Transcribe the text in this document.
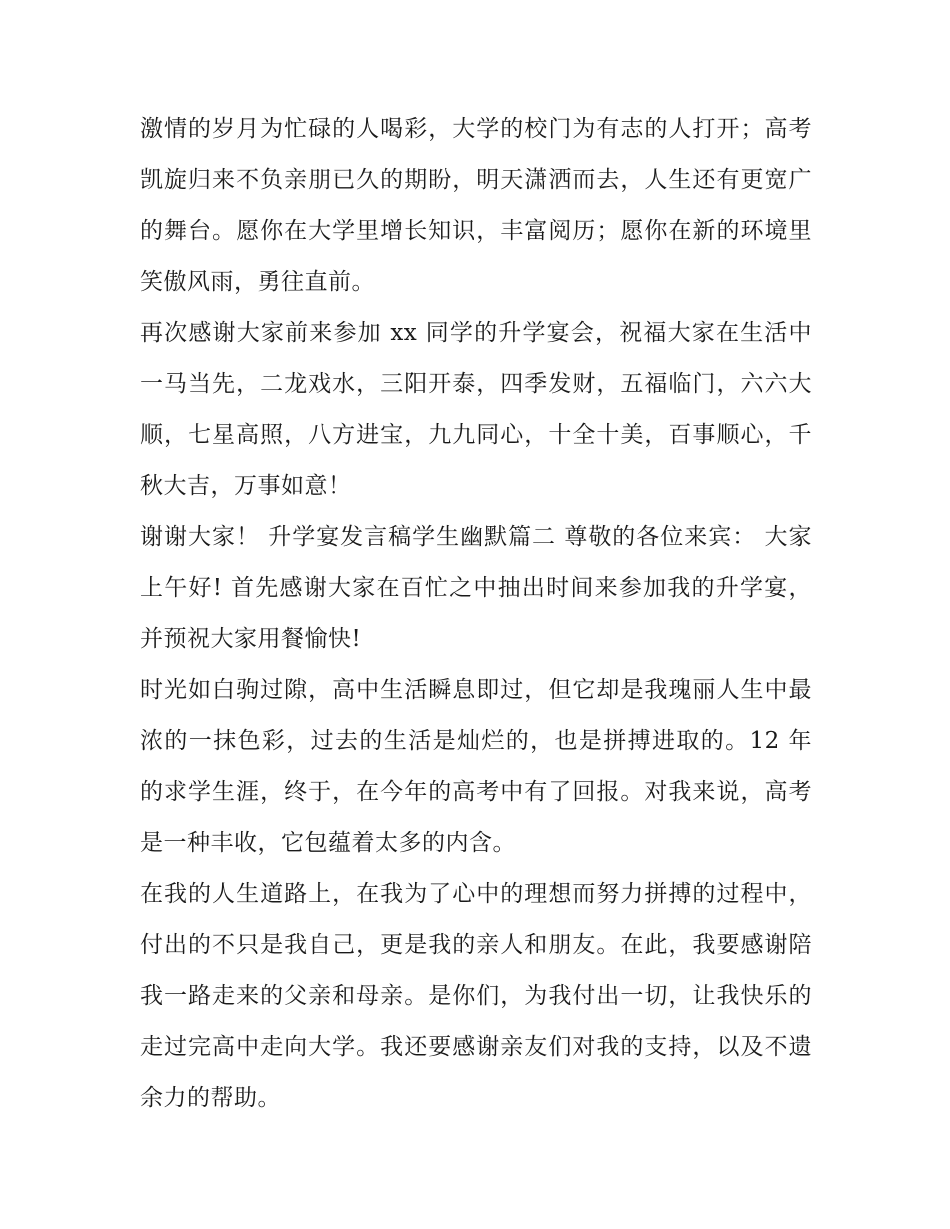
激情的岁月为忙碌的人喝彩，大学的校门为有志的人打开；高考凯旋归来不负亲朋已久的期盼，明天潇洒而去，人生还有更宽广的舞台。愿你在大学里增长知识，丰富阅历；愿你在新的环境里笑傲风雨，勇往直前。

再次感谢大家前来参加 xx 同学的升学宴会，祝福大家在生活中一马当先，二龙戏水，三阳开泰，四季发财，五福临门，六六大顺，七星高照，八方进宝，九九同心，十全十美，百事顺心，千秋大吉，万事如意！

谢谢大家！ 升学宴发言稿学生幽默篇二 尊敬的各位来宾： 大家上午好! 首先感谢大家在百忙之中抽出时间来参加我的升学宴，并预祝大家用餐愉快!

时光如白驹过隙，高中生活瞬息即过，但它却是我瑰丽人生中最浓的一抹色彩，过去的生活是灿烂的，也是拼搏进取的。12 年的求学生涯，终于，在今年的高考中有了回报。对我来说，高考是一种丰收，它包蕴着太多的内含。

在我的人生道路上，在我为了心中的理想而努力拼搏的过程中，付出的不只是我自己，更是我的亲人和朋友。在此，我要感谢陪我一路走来的父亲和母亲。是你们，为我付出一切，让我快乐的走过完高中走向大学。我还要感谢亲友们对我的支持，以及不遗余力的帮助。
